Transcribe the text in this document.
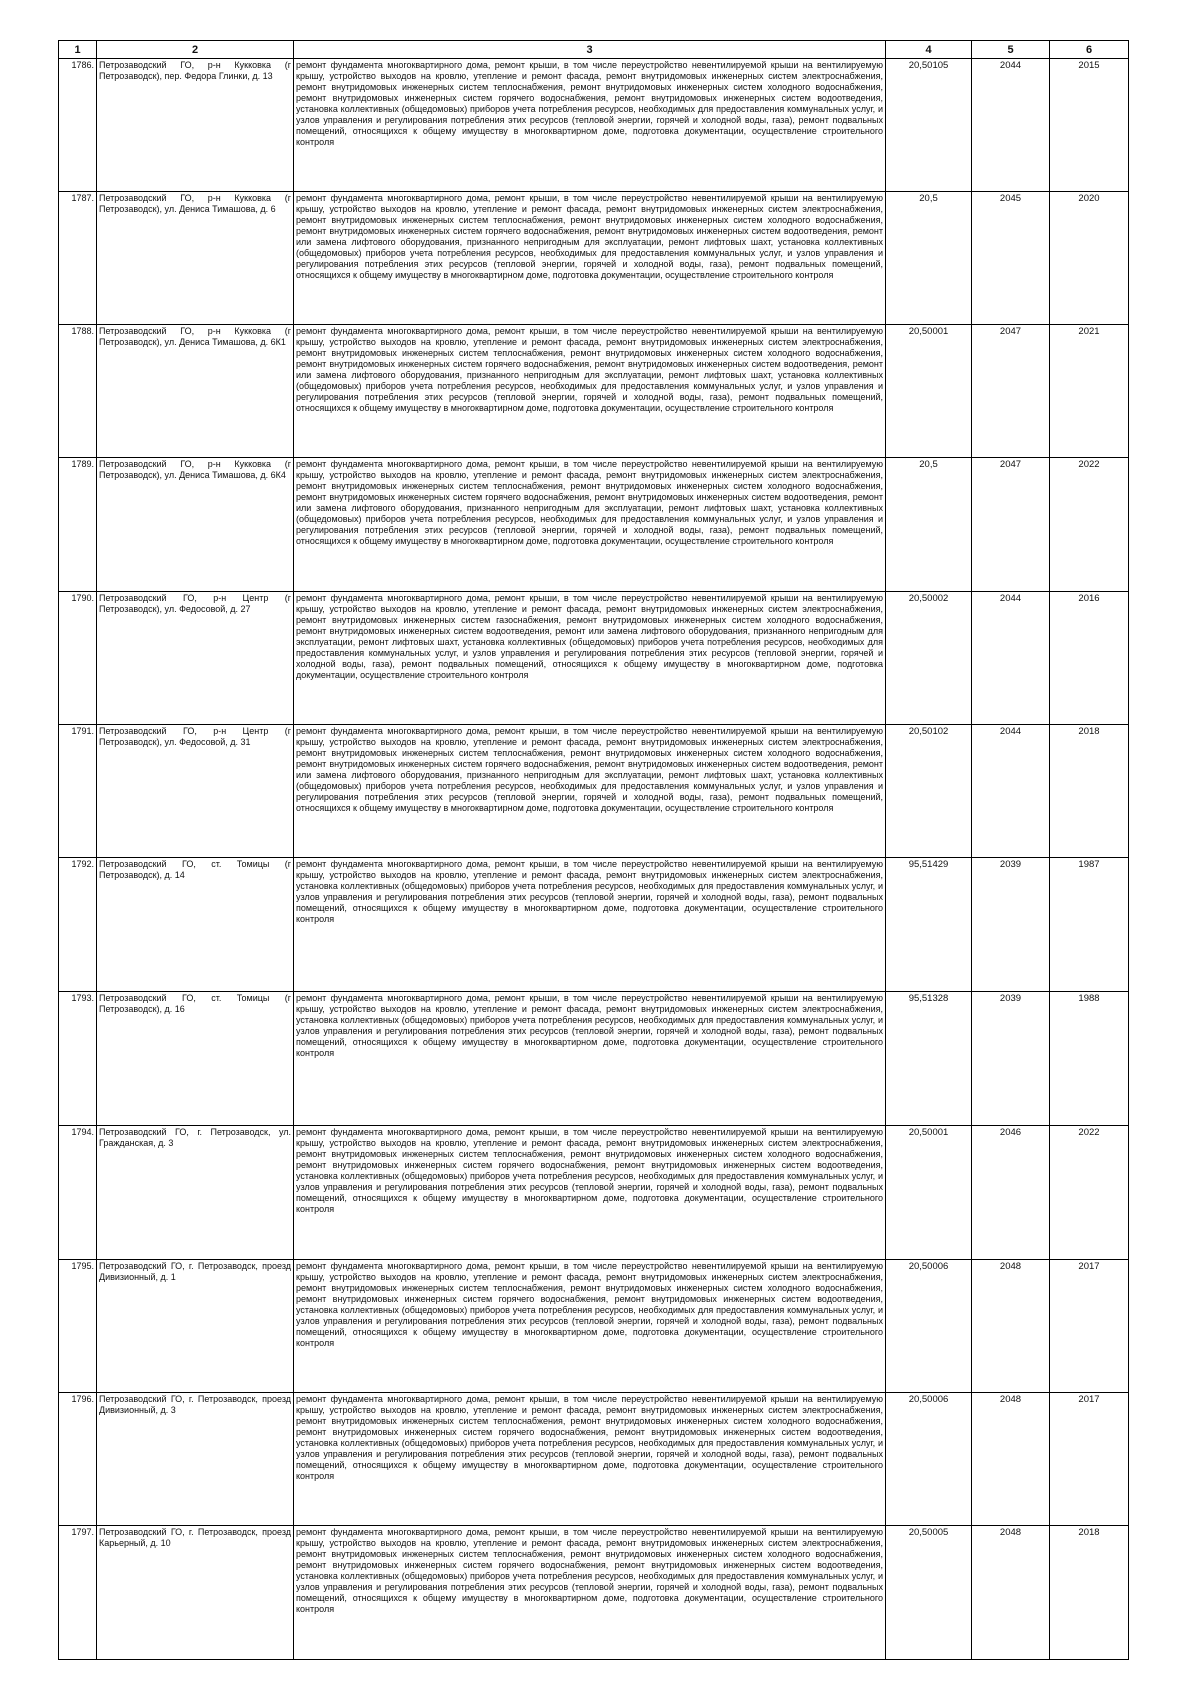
1	2	3	4	5	6
1786.	Петрозаводский ГО, р-н Кукковка (г Петрозаводск), пер. Федора Глинки, д. 13	ремонт фундамента многоквартирного дома, ремонт крыши, в том числе переустройство невентилируемой крыши на вентилируемую крышу, устройство выходов на кровлю, утепление и ремонт фасада, ремонт внутридомовых инженерных систем электроснабжения, ремонт внутридомовых инженерных систем теплоснабжения, ремонт внутридомовых инженерных систем холодного водоснабжения, ремонт внутридомовых инженерных систем горячего водоснабжения, ремонт внутридомовых инженерных систем водоотведения, установка коллективных (общедомовых) приборов учета потребления ресурсов, необходимых для предоставления коммунальных услуг, и узлов управления и регулирования потребления этих ресурсов (тепловой энергии, горячей и холодной воды, газа), ремонт подвальных помещений, относящихся к общему имуществу в многоквартирном доме, подготовка документации, осуществление строительного контроля	20,50105	2044	2015
1787.	Петрозаводский ГО, р-н Кукковка (г Петрозаводск), ул. Дениса Тимашова, д. 6	ремонт фундамента многоквартирного дома, ремонт крыши, в том числе переустройство невентилируемой крыши на вентилируемую крышу, устройство выходов на кровлю, утепление и ремонт фасада, ремонт внутридомовых инженерных систем электроснабжения, ремонт внутридомовых инженерных систем теплоснабжения, ремонт внутридомовых инженерных систем холодного водоснабжения, ремонт внутридомовых инженерных систем горячего водоснабжения, ремонт внутридомовых инженерных систем водоотведения, ремонт или замена лифтового оборудования, признанного непригодным для эксплуатации, ремонт лифтовых шахт, установка коллективных (общедомовых) приборов учета потребления ресурсов, необходимых для предоставления коммунальных услуг, и узлов управления и регулирования потребления этих ресурсов (тепловой энергии, горячей и холодной воды, газа), ремонт подвальных помещений, относящихся к общему имуществу в многоквартирном доме, подготовка документации, осуществление строительного контроля	20,5	2045	2020
1788.	Петрозаводский ГО, р-н Кукковка (г Петрозаводск), ул. Дениса Тимашова, д. 6К1	ремонт фундамента многоквартирного дома, ремонт крыши, в том числе переустройство невентилируемой крыши на вентилируемую крышу, устройство выходов на кровлю, утепление и ремонт фасада, ремонт внутридомовых инженерных систем электроснабжения, ремонт внутридомовых инженерных систем теплоснабжения, ремонт внутридомовых инженерных систем холодного водоснабжения, ремонт внутридомовых инженерных систем горячего водоснабжения, ремонт внутридомовых инженерных систем водоотведения, ремонт или замена лифтового оборудования, признанного непригодным для эксплуатации, ремонт лифтовых шахт, установка коллективных (общедомовых) приборов учета потребления ресурсов, необходимых для предоставления коммунальных услуг, и узлов управления и регулирования потребления этих ресурсов (тепловой энергии, горячей и холодной воды, газа), ремонт подвальных помещений, относящихся к общему имуществу в многоквартирном доме, подготовка документации, осуществление строительного контроля	20,50001	2047	2021
1789.	Петрозаводский ГО, р-н Кукковка (г Петрозаводск), ул. Дениса Тимашова, д. 6К4	ремонт фундамента многоквартирного дома, ремонт крыши, в том числе переустройство невентилируемой крыши на вентилируемую крышу, устройство выходов на кровлю, утепление и ремонт фасада, ремонт внутридомовых инженерных систем электроснабжения, ремонт внутридомовых инженерных систем теплоснабжения, ремонт внутридомовых инженерных систем холодного водоснабжения, ремонт внутридомовых инженерных систем горячего водоснабжения, ремонт внутридомовых инженерных систем водоотведения, ремонт или замена лифтового оборудования, признанного непригодным для эксплуатации, ремонт лифтовых шахт, установка коллективных (общедомовых) приборов учета потребления ресурсов, необходимых для предоставления коммунальных услуг, и узлов управления и регулирования потребления этих ресурсов (тепловой энергии, горячей и холодной воды, газа), ремонт подвальных помещений, относящихся к общему имуществу в многоквартирном доме, подготовка документации, осуществление строительного контроля	20,5	2047	2022
1790.	Петрозаводский ГО, р-н Центр (г Петрозаводск), ул. Федосовой, д. 27	ремонт фундамента многоквартирного дома, ремонт крыши, в том числе переустройство невентилируемой крыши на вентилируемую крышу, устройство выходов на кровлю, утепление и ремонт фасада, ремонт внутридомовых инженерных систем электроснабжения, ремонт внутридомовых инженерных систем газоснабжения, ремонт внутридомовых инженерных систем холодного водоснабжения, ремонт внутридомовых инженерных систем водоотведения, ремонт или замена лифтового оборудования, признанного непригодным для эксплуатации, ремонт лифтовых шахт, установка коллективных (общедомовых) приборов учета потребления ресурсов, необходимых для предоставления коммунальных услуг, и узлов управления и регулирования потребления этих ресурсов (тепловой энергии, горячей и холодной воды, газа), ремонт подвальных помещений, относящихся к общему имуществу в многоквартирном доме, подготовка документации, осуществление строительного контроля	20,50002	2044	2016
1791.	Петрозаводский ГО, р-н Центр (г Петрозаводск), ул. Федосовой, д. 31	ремонт фундамента многоквартирного дома, ремонт крыши, в том числе переустройство невентилируемой крыши на вентилируемую крышу, устройство выходов на кровлю, утепление и ремонт фасада, ремонт внутридомовых инженерных систем электроснабжения, ремонт внутридомовых инженерных систем теплоснабжения, ремонт внутридомовых инженерных систем холодного водоснабжения, ремонт внутридомовых инженерных систем горячего водоснабжения, ремонт внутридомовых инженерных систем водоотведения, ремонт или замена лифтового оборудования, признанного непригодным для эксплуатации, ремонт лифтовых шахт, установка коллективных (общедомовых) приборов учета потребления ресурсов, необходимых для предоставления коммунальных услуг, и узлов управления и регулирования потребления этих ресурсов (тепловой энергии, горячей и холодной воды, газа), ремонт подвальных помещений, относящихся к общему имуществу в многоквартирном доме, подготовка документации, осуществление строительного контроля	20,50102	2044	2018
1792.	Петрозаводский ГО, ст. Томицы (г Петрозаводск), д. 14	ремонт фундамента многоквартирного дома, ремонт крыши, в том числе переустройство невентилируемой крыши на вентилируемую крышу, устройство выходов на кровлю, утепление и ремонт фасада, ремонт внутридомовых инженерных систем электроснабжения, установка коллективных (общедомовых) приборов учета потребления ресурсов, необходимых для предоставления коммунальных услуг, и узлов управления и регулирования потребления этих ресурсов (тепловой энергии, горячей и холодной воды, газа), ремонт подвальных помещений, относящихся к общему имуществу в многоквартирном доме, подготовка документации, осуществление строительного контроля	95,51429	2039	1987
1793.	Петрозаводский ГО, ст. Томицы (г Петрозаводск), д. 16	ремонт фундамента многоквартирного дома, ремонт крыши, в том числе переустройство невентилируемой крыши на вентилируемую крышу, устройство выходов на кровлю, утепление и ремонт фасада, ремонт внутридомовых инженерных систем электроснабжения, установка коллективных (общедомовых) приборов учета потребления ресурсов, необходимых для предоставления коммунальных услуг, и узлов управления и регулирования потребления этих ресурсов (тепловой энергии, горячей и холодной воды, газа), ремонт подвальных помещений, относящихся к общему имуществу в многоквартирном доме, подготовка документации, осуществление строительного контроля	95,51328	2039	1988
1794.	Петрозаводский ГО, г. Петрозаводск, ул. Гражданская, д. 3	ремонт фундамента многоквартирного дома, ремонт крыши, в том числе переустройство невентилируемой крыши на вентилируемую крышу, устройство выходов на кровлю, утепление и ремонт фасада, ремонт внутридомовых инженерных систем электроснабжения, ремонт внутридомовых инженерных систем теплоснабжения, ремонт внутридомовых инженерных систем холодного водоснабжения, ремонт внутридомовых инженерных систем горячего водоснабжения, ремонт внутридомовых инженерных систем водоотведения, установка коллективных (общедомовых) приборов учета потребления ресурсов, необходимых для предоставления коммунальных услуг, и узлов управления и регулирования потребления этих ресурсов (тепловой энергии, горячей и холодной воды, газа), ремонт подвальных помещений, относящихся к общему имуществу в многоквартирном доме, подготовка документации, осуществление строительного контроля	20,50001	2046	2022
1795.	Петрозаводский ГО, г. Петрозаводск, проезд Дивизионный, д. 1	ремонт фундамента многоквартирного дома, ремонт крыши, в том числе переустройство невентилируемой крыши на вентилируемую крышу, устройство выходов на кровлю, утепление и ремонт фасада, ремонт внутридомовых инженерных систем электроснабжения, ремонт внутридомовых инженерных систем теплоснабжения, ремонт внутридомовых инженерных систем холодного водоснабжения, ремонт внутридомовых инженерных систем горячего водоснабжения, ремонт внутридомовых инженерных систем водоотведения, установка коллективных (общедомовых) приборов учета потребления ресурсов, необходимых для предоставления коммунальных услуг, и узлов управления и регулирования потребления этих ресурсов (тепловой энергии, горячей и холодной воды, газа), ремонт подвальных помещений, относящихся к общему имуществу в многоквартирном доме, подготовка документации, осуществление строительного контроля	20,50006	2048	2017
1796.	Петрозаводский ГО, г. Петрозаводск, проезд Дивизионный, д. 3	ремонт фундамента многоквартирного дома, ремонт крыши, в том числе переустройство невентилируемой крыши на вентилируемую крышу, устройство выходов на кровлю, утепление и ремонт фасада, ремонт внутридомовых инженерных систем электроснабжения, ремонт внутридомовых инженерных систем теплоснабжения, ремонт внутридомовых инженерных систем холодного водоснабжения, ремонт внутридомовых инженерных систем горячего водоснабжения, ремонт внутридомовых инженерных систем водоотведения, установка коллективных (общедомовых) приборов учета потребления ресурсов, необходимых для предоставления коммунальных услуг, и узлов управления и регулирования потребления этих ресурсов (тепловой энергии, горячей и холодной воды, газа), ремонт подвальных помещений, относящихся к общему имуществу в многоквартирном доме, подготовка документации, осуществление строительного контроля	20,50006	2048	2017
1797.	Петрозаводский ГО, г. Петрозаводск, проезд Карьерный, д. 10	ремонт фундамента многоквартирного дома, ремонт крыши, в том числе переустройство невентилируемой крыши на вентилируемую крышу, устройство выходов на кровлю, утепление и ремонт фасада, ремонт внутридомовых инженерных систем электроснабжения, ремонт внутридомовых инженерных систем теплоснабжения, ремонт внутридомовых инженерных систем холодного водоснабжения, ремонт внутридомовых инженерных систем горячего водоснабжения, ремонт внутридомовых инженерных систем водоотведения, установка коллективных (общедомовых) приборов учета потребления ресурсов, необходимых для предоставления коммунальных услуг, и узлов управления и регулирования потребления этих ресурсов (тепловой энергии, горячей и холодной воды, газа), ремонт подвальных помещений, относящихся к общему имуществу в многоквартирном доме, подготовка документации, осуществление строительного контроля	20,50005	2048	2018
